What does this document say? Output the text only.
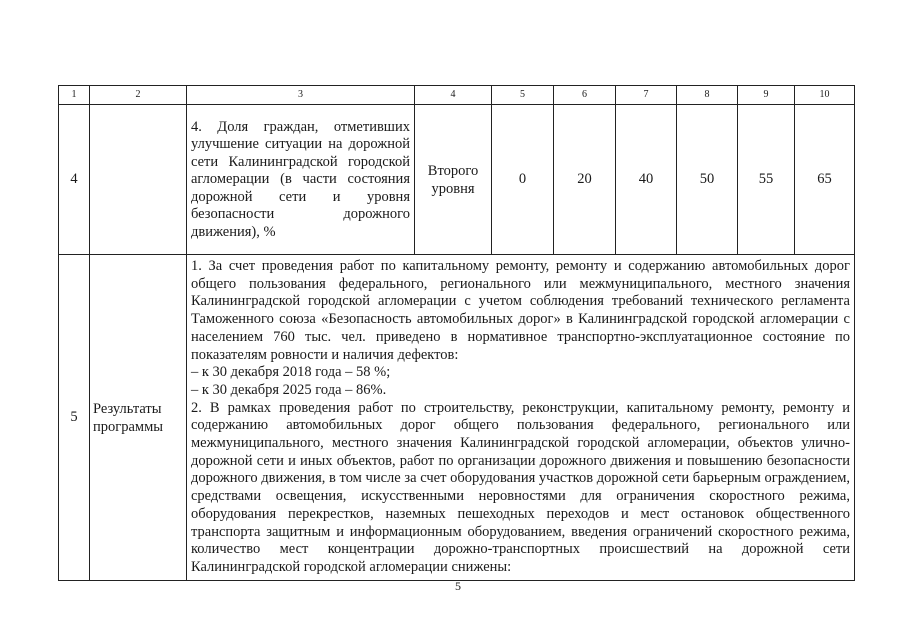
1	2	3	4	5	6	7	8	9	10
4		4. Доля граждан, отметивших улучшение ситуации на дорожной сети Калининградской городской агломерации (в части состояния дорожной сети и уровня безопасности дорожного движения), %	Второго уровня	0	20	40	50	55	65
5	Результаты программы	1. За счет проведения работ по капитальному ремонту, ремонту и содержанию автомобильных дорог общего пользования федерального, регионального или межмуниципального, местного значения Калининградской городской агломерации с учетом соблюдения требований технического регламента Таможенного союза «Безопасность автомобильных дорог» в Калининградской городской агломерации с населением 760 тыс. чел. приведено в нормативное транспортно-эксплуатационное состояние по показателям ровности и наличия дефектов:

– к 30 декабря 2018 года – 58 %;

– к 30 декабря 2025 года – 86%.

2. В рамках проведения работ по строительству, реконструкции, капитальному ремонту, ремонту и содержанию автомобильных дорог общего пользования федерального, регионального или межмуниципального, местного значения Калининградской городской агломерации, объектов улично-дорожной сети и иных объектов, работ по организации дорожного движения и повышению безопасности дорожного движения, в том числе за счет оборудования участков дорожной сети барьерным ограждением, средствами освещения, искусственными неровностями для ограничения скоростного режима, оборудования перекрестков, наземных пешеходных переходов и мест остановок общественного транспорта защитным и информационным оборудованием, введения ограничений скоростного режима, количество мест концентрации дорожно-транспортных происшествий на дорожной сети Калининградской городской агломерации снижены:							

5
